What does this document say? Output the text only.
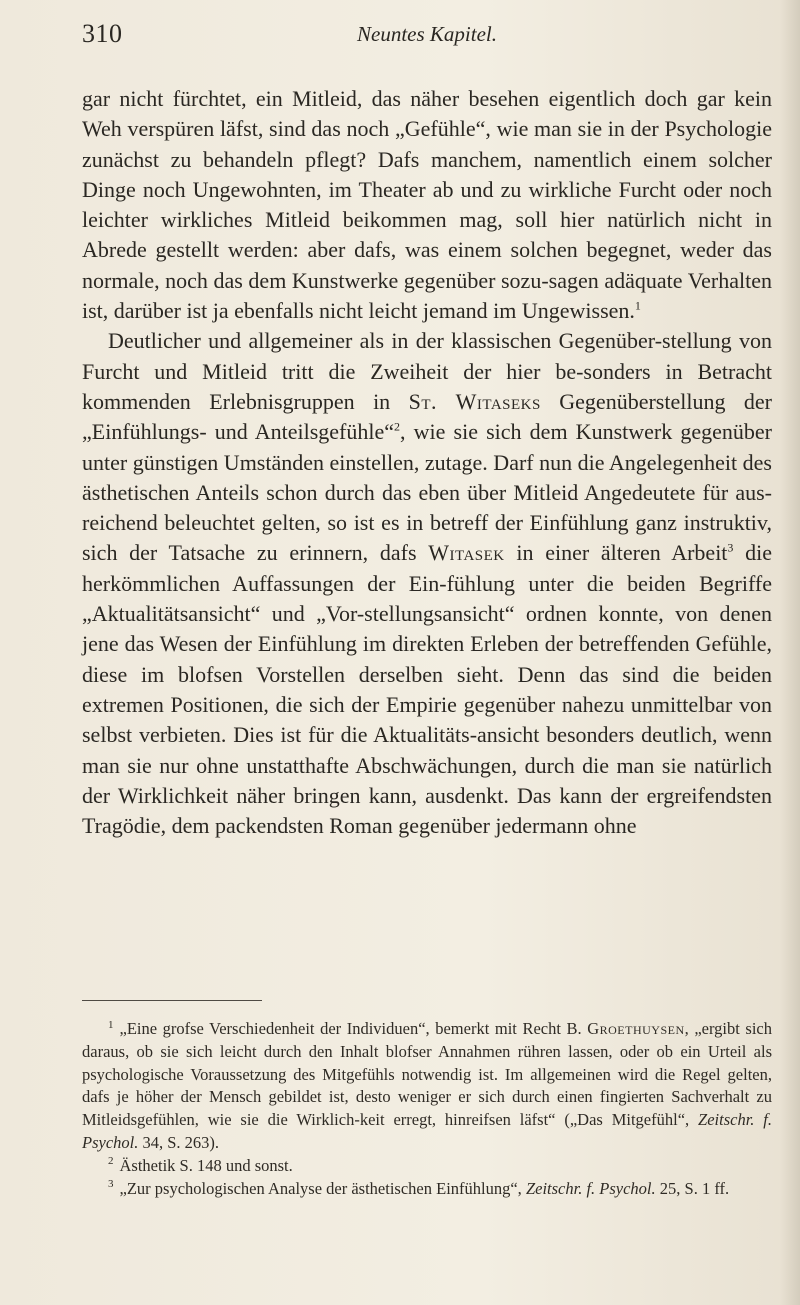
310	Neuntes Kapitel.

gar nicht fürchtet, ein Mitleid, das näher besehen eigentlich doch gar kein Weh verspüren läfst, sind das noch „Gefühle“, wie man sie in der Psychologie zunächst zu behandeln pflegt? Dafs manchem, namentlich einem solcher Dinge noch Ungewohnten, im Theater ab und zu wirkliche Furcht oder noch leichter wirkliches Mitleid beikommen mag, soll hier natürlich nicht in Abrede gestellt werden: aber dafs, was einem solchen begegnet, weder das normale, noch das dem Kunstwerke gegenüber sozu-sagen adäquate Verhalten ist, darüber ist ja ebenfalls nicht leicht jemand im Ungewissen.$^1$

Deutlicher und allgemeiner als in der klassischen Gegenüber-stellung von Furcht und Mitleid tritt die Zweiheit der hier be-sonders in Betracht kommenden Erlebnisgruppen in St. Witaseks Gegenüberstellung der „Einfühlungs- und Anteilsgefühle“$^2$, wie sie sich dem Kunstwerk gegenüber unter günstigen Umständen einstellen, zutage. Darf nun die Angelegenheit des ästhetischen Anteils schon durch das eben über Mitleid Angedeutete für aus-reichend beleuchtet gelten, so ist es in betreff der Einfühlung ganz instruktiv, sich der Tatsache zu erinnern, dafs Witasek in einer älteren Arbeit$^3$ die herkömmlichen Auffassungen der Ein-fühlung unter die beiden Begriffe „Aktualitätsansicht“ und „Vor-stellungsansicht“ ordnen konnte, von denen jene das Wesen der Einfühlung im direkten Erleben der betreffenden Gefühle, diese im blofsen Vorstellen derselben sieht. Denn das sind die beiden extremen Positionen, die sich der Empirie gegenüber nahezu unmittelbar von selbst verbieten. Dies ist für die Aktualitäts-ansicht besonders deutlich, wenn man sie nur ohne unstatthafte Abschwächungen, durch die man sie natürlich der Wirklichkeit näher bringen kann, ausdenkt. Das kann der ergreifendsten Tragödie, dem packendsten Roman gegenüber jedermann ohne

$^1$ „Eine grofse Verschiedenheit der Individuen“, bemerkt mit Recht B. Groethuysen, „ergibt sich daraus, ob sie sich leicht durch den Inhalt blofser Annahmen rühren lassen, oder ob ein Urteil als psychologische Voraussetzung des Mitgefühls notwendig ist. Im allgemeinen wird die Regel gelten, dafs je höher der Mensch gebildet ist, desto weniger er sich durch einen fingierten Sachverhalt zu Mitleidsgefühlen, wie sie die Wirklich-keit erregt, hinreifsen läfst“ („Das Mitgefühl“, Zeitschr. f. Psychol. 34, S. 263).

$^2$ Ästhetik S. 148 und sonst.

$^3$ „Zur psychologischen Analyse der ästhetischen Einfühlung“, Zeitschr. f. Psychol. 25, S. 1 ff.
